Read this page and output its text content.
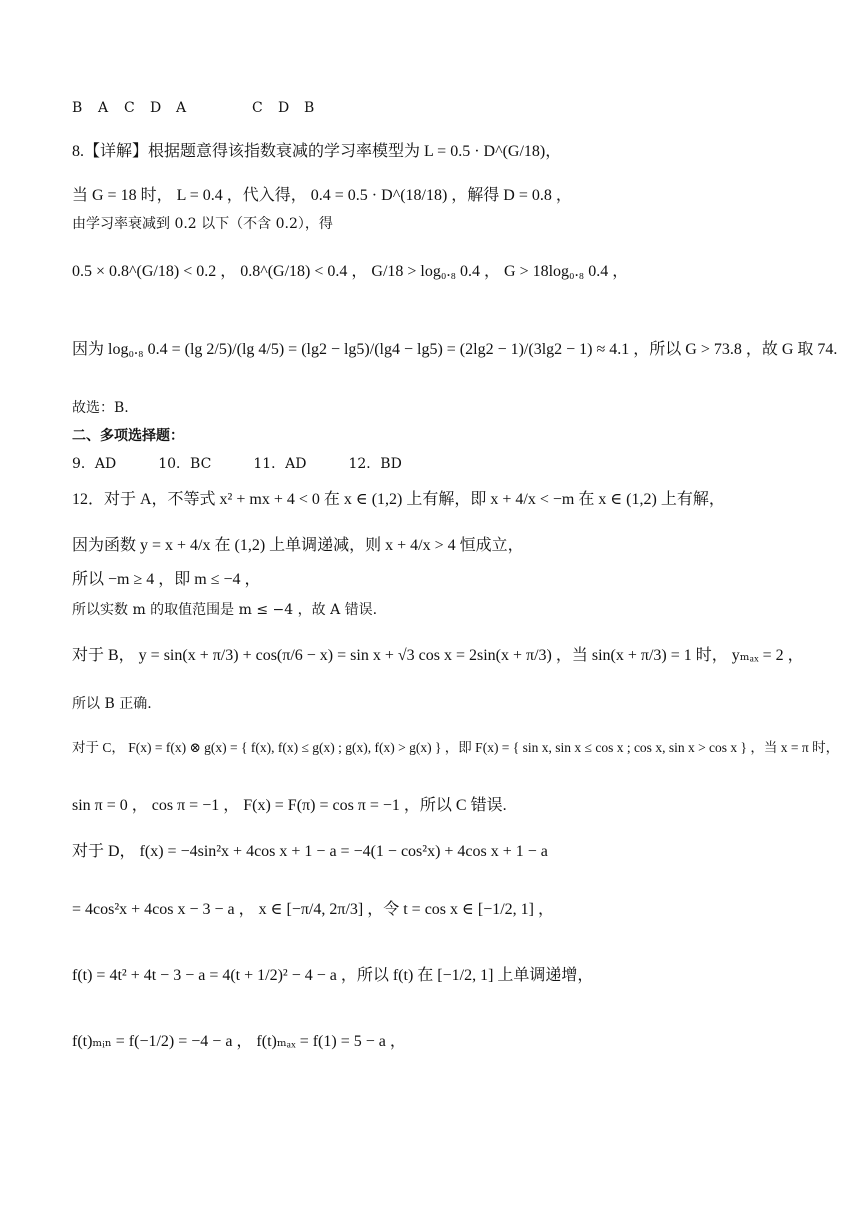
B A C D A	C D B
8.【详解】根据题意得该指数衰减的学习率模型为 L = 0.5 · D^(G/18)，
当 G = 18 时， L = 0.4 ，代入得， 0.4 = 0.5 · D^(18/18) ，解得 D = 0.8 ，
由学习率衰减到 0.2 以下（不含 0.2），得
0.5 × 0.8^(G/18) < 0.2 ， 0.8^(G/18) < 0.4 ， G/18 > log₀.₈ 0.4 ， G > 18log₀.₈ 0.4 ，
因为 log₀.₈ 0.4 = (lg 2/5)/(lg 4/5) = (lg2 − lg5)/(lg4 − lg5) = (2lg2 − 1)/(3lg2 − 1) ≈ 4.1 ，所以 G > 73.8 ，故 G 取 74.
故选：B.
二、多项选择题：
9．AD　　　10．BC　　　11．AD　　　12．BD
12．对于 A，不等式 x² + mx + 4 < 0 在 x ∈ (1,2) 上有解，即 x + 4/x < −m 在 x ∈ (1,2) 上有解，
因为函数 y = x + 4/x 在 (1,2) 上单调递减，则 x + 4/x > 4 恒成立，
所以 −m ≥ 4 ，即 m ≤ −4 ，
所以实数 m 的取值范围是 m ≤ −4 ，故 A 错误.
对于 B， y = sin(x + π/3) + cos(π/6 − x) = sin x + √3 cos x = 2sin(x + π/3) ，当 sin(x + π/3) = 1 时， yₘₐₓ = 2 ，
所以 B 正确.
对于 C， F(x) = f(x) ⊗ g(x) = { f(x), f(x) ≤ g(x) ; g(x), f(x) > g(x) } ，即 F(x) = { sin x, sin x ≤ cos x ; cos x, sin x > cos x } ，当 x = π 时，
sin π = 0 ， cos π = −1 ， F(x) = F(π) = cos π = −1 ，所以 C 错误.
对于 D， f(x) = −4sin²x + 4cos x + 1 − a = −4(1 − cos²x) + 4cos x + 1 − a
= 4cos²x + 4cos x − 3 − a ， x ∈ [−π/4, 2π/3] ，令 t = cos x ∈ [−1/2, 1] ，
f(t) = 4t² + 4t − 3 − a = 4(t + 1/2)² − 4 − a ，所以 f(t) 在 [−1/2, 1] 上单调递增，
f(t)ₘᵢₙ = f(−1/2) = −4 − a ， f(t)ₘₐₓ = f(1) = 5 − a ，
